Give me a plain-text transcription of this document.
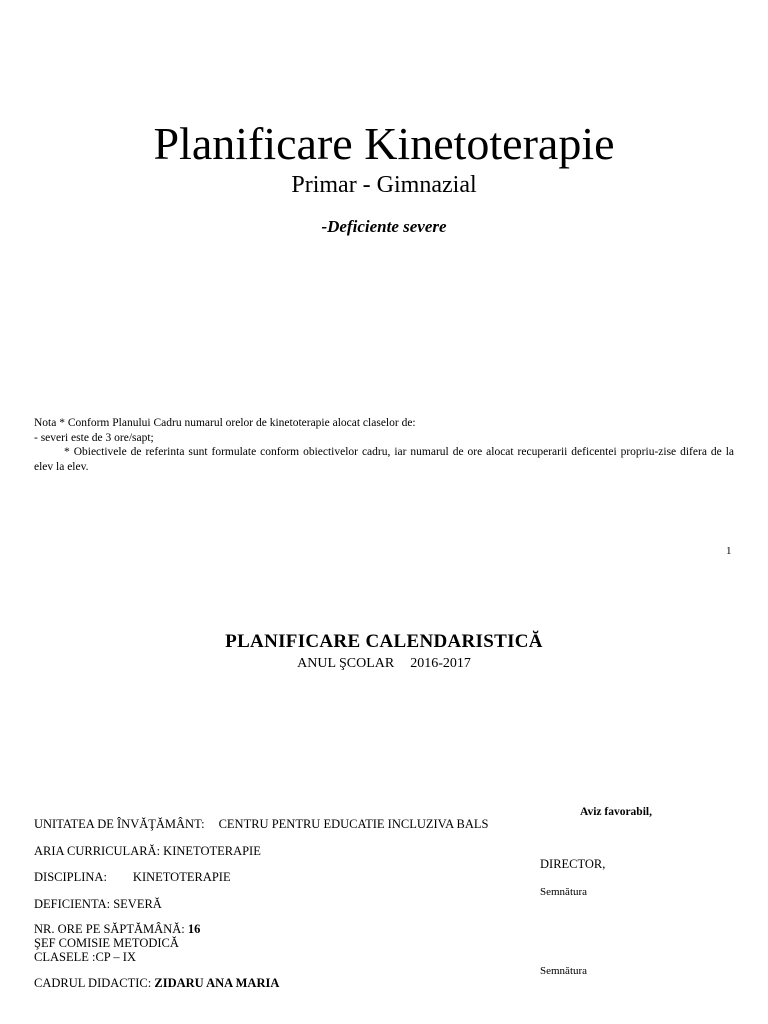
Planificare Kinetoterapie
Primar - Gimnazial
-Deficiente severe
Nota * Conform Planului Cadru numarul orelor de kinetoterapie alocat claselor de:
- severi este de 3 ore/sapt;
* Obiectivele de referinta sunt formulate conform obiectivelor cadru, iar numarul de ore alocat recuperarii deficentei propriu-zise difera de la elev la elev.
1
PLANIFICARE CALENDARISTICĂ
ANUL ŞCOLAR 2016-2017
Aviz favorabil,
DIRECTOR,
Semnătura
Semnătura
UNITATEA DE ÎNVĂŢĂMÂNT: CENTRU PENTRU EDUCATIE INCLUZIVA BALS
ARIA CURRICULARĂ: KINETOTERAPIE
DISCIPLINA: KINETOTERAPIE
DEFICIENTA: SEVERĂ
NR. ORE PE SĂPTĂMÂNĂ: 16
ŞEF COMISIE METODICĂ
CLASELE :CP – IX
CADRUL DIDACTIC: ZIDARU ANA MARIA
